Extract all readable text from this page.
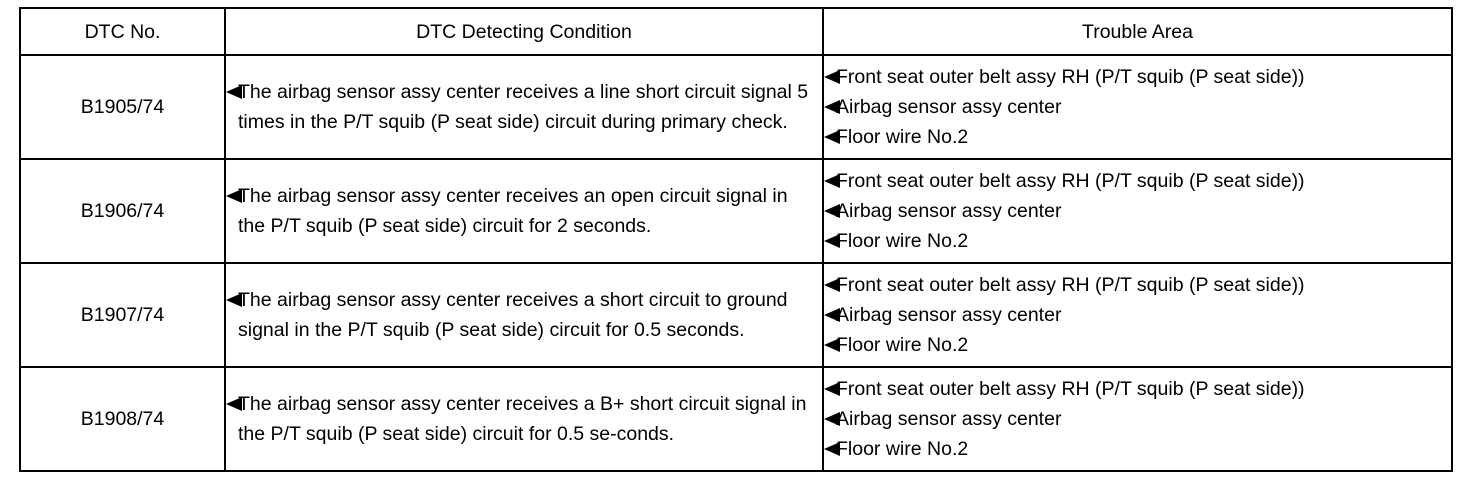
DTC No.	DTC Detecting Condition	Trouble Area
B1905/74	The airbag sensor assy center receives a line short circuit signal 5 times in the P/T squib (P seat side) circuit during primary check.	Front seat outer belt assy RH (P/T squib (P seat side))
Airbag sensor assy center
Floor wire No.2

B1906/74	The airbag sensor assy center receives an open circuit signal in the P/T squib (P seat side) circuit for 2 seconds.	Front seat outer belt assy RH (P/T squib (P seat side))
Airbag sensor assy center
Floor wire No.2

B1907/74	The airbag sensor assy center receives a short circuit to ground signal in the P/T squib (P seat side) circuit for 0.5 seconds.	Front seat outer belt assy RH (P/T squib (P seat side))
Airbag sensor assy center
Floor wire No.2

B1908/74	The airbag sensor assy center receives a B+ short circuit signal in the P/T squib (P seat side) circuit for 0.5 se-conds.	Front seat outer belt assy RH (P/T squib (P seat side))
Airbag sensor assy center
Floor wire No.2
